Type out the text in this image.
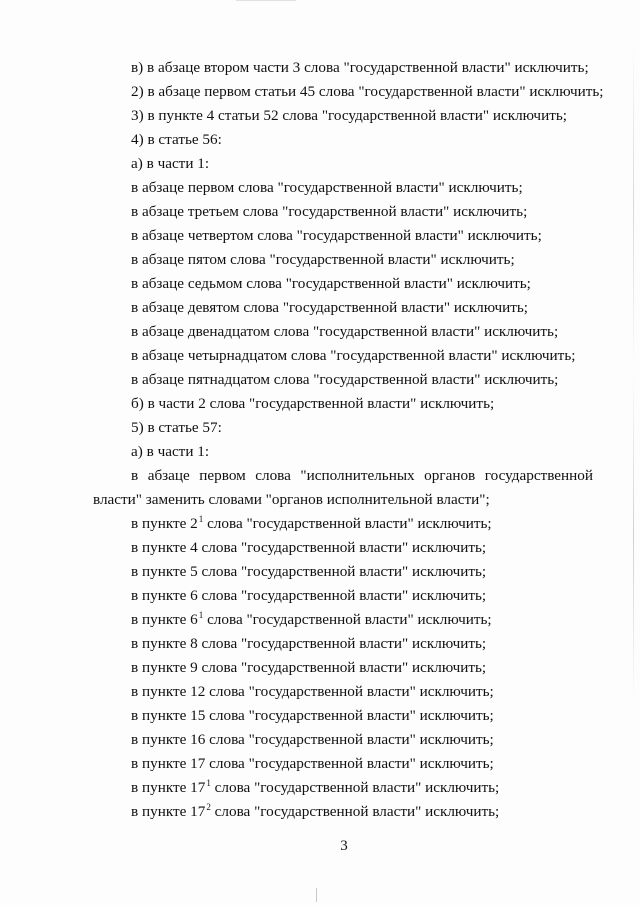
в) в абзаце втором части 3 слова "государственной власти" исключить;
2) в абзаце первом статьи 45 слова "государственной власти" исключить;
3) в пункте 4 статьи 52 слова "государственной власти" исключить;
4) в статье 56:
а) в части 1:
в абзаце первом слова "государственной власти" исключить;
в абзаце третьем слова "государственной власти" исключить;
в абзаце четвертом слова "государственной власти" исключить;
в абзаце пятом слова "государственной власти" исключить;
в абзаце седьмом слова "государственной власти" исключить;
в абзаце девятом слова "государственной власти" исключить;
в абзаце двенадцатом слова "государственной власти" исключить;
в абзаце четырнадцатом слова "государственной власти" исключить;
в абзаце пятнадцатом слова "государственной власти" исключить;
б) в части 2 слова "государственной власти" исключить;
5) в статье 57:
а) в части 1:
в абзаце первом слова "исполнительных органов государственной
власти" заменить словами "органов исполнительной власти";
в пункте $2^1$ слова "государственной власти" исключить;
в пункте 4 слова "государственной власти" исключить;
в пункте 5 слова "государственной власти" исключить;
в пункте 6 слова "государственной власти" исключить;
в пункте $6^1$ слова "государственной власти" исключить;
в пункте 8 слова "государственной власти" исключить;
в пункте 9 слова "государственной власти" исключить;
в пункте 12 слова "государственной власти" исключить;
в пункте 15 слова "государственной власти" исключить;
в пункте 16 слова "государственной власти" исключить;
в пункте 17 слова "государственной власти" исключить;
в пункте $17^1$ слова "государственной власти" исключить;
в пункте $17^2$ слова "государственной власти" исключить;
3
